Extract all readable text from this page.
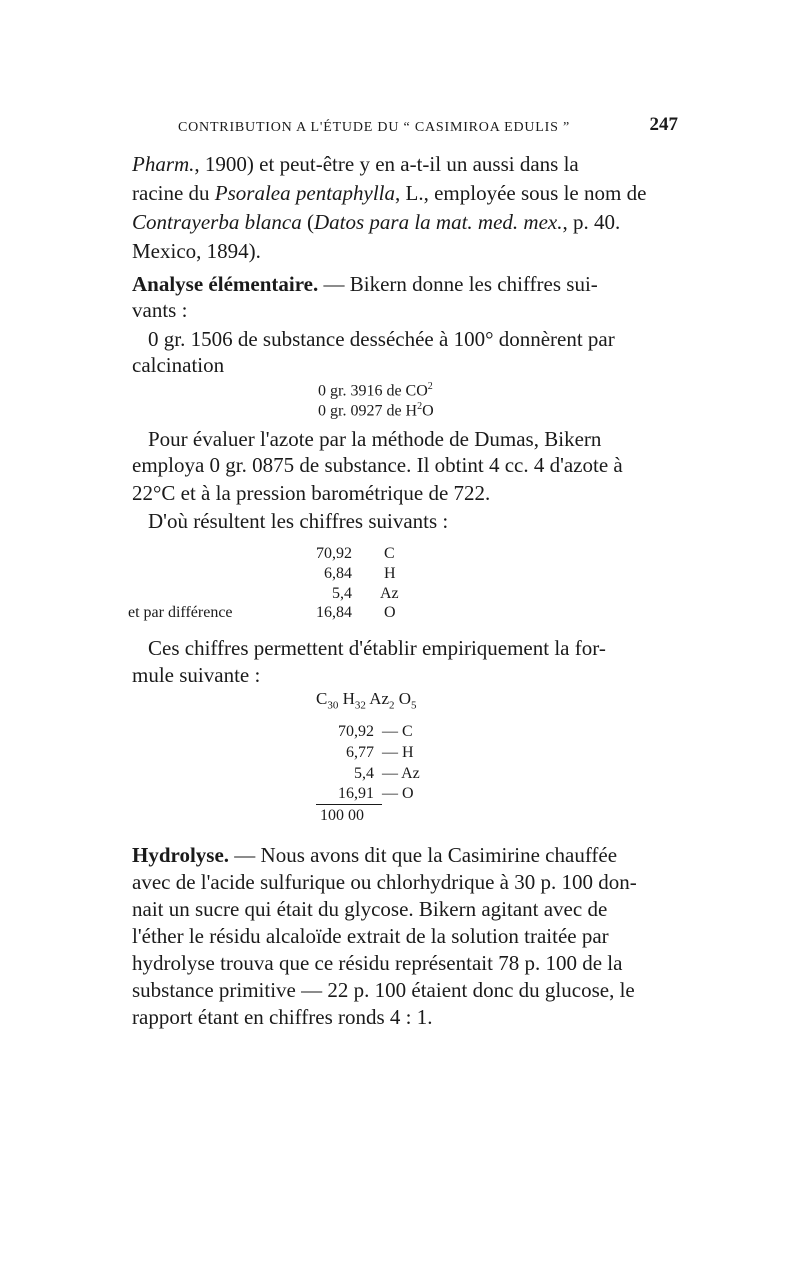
CONTRIBUTION A L'ÉTUDE DU “ CASIMIROA EDULIS ”	247
Pharm., 1900) et peut-être y en a-t-il un aussi dans la
racine du Psoralea pentaphylla, L., employée sous le nom de
Contrayerba blanca (Datos para la mat. med. mex., p. 40.
Mexico, 1894).
Analyse élémentaire. — Bikern donne les chiffres sui-
vants :
0 gr. 1506 de substance desséchée à 100° donnèrent par
calcination
0 gr. 3916 de $CO^2$
0 gr. 0927 de $H^2O$
Pour évaluer l'azote par la méthode de Dumas, Bikern
employa 0 gr. 0875 de substance. Il obtint 4 cc. 4 d'azote à
22°C et à la pression barométrique de 722.
D'où résultent les chiffres suivants :
70,92 C
6,84 H
5,4 Az
et par différence	16,84 O
Ces chiffres permettent d'établir empiriquement la for-
mule suivante :
$C_{30}$ $H_{32}$ $Az_2$ $O_5$
70,92 — C
6,77 — H
5,4 — Az
16,91 — O
100 00
Hydrolyse. — Nous avons dit que la Casimirine chauffée
avec de l'acide sulfurique ou chlorhydrique à 30 p. 100 don-
nait un sucre qui était du glycose. Bikern agitant avec de
l'éther le résidu alcaloïde extrait de la solution traitée par
hydrolyse trouva que ce résidu représentait 78 p. 100 de la
substance primitive — 22 p. 100 étaient donc du glucose, le
rapport étant en chiffres ronds 4 : 1.
